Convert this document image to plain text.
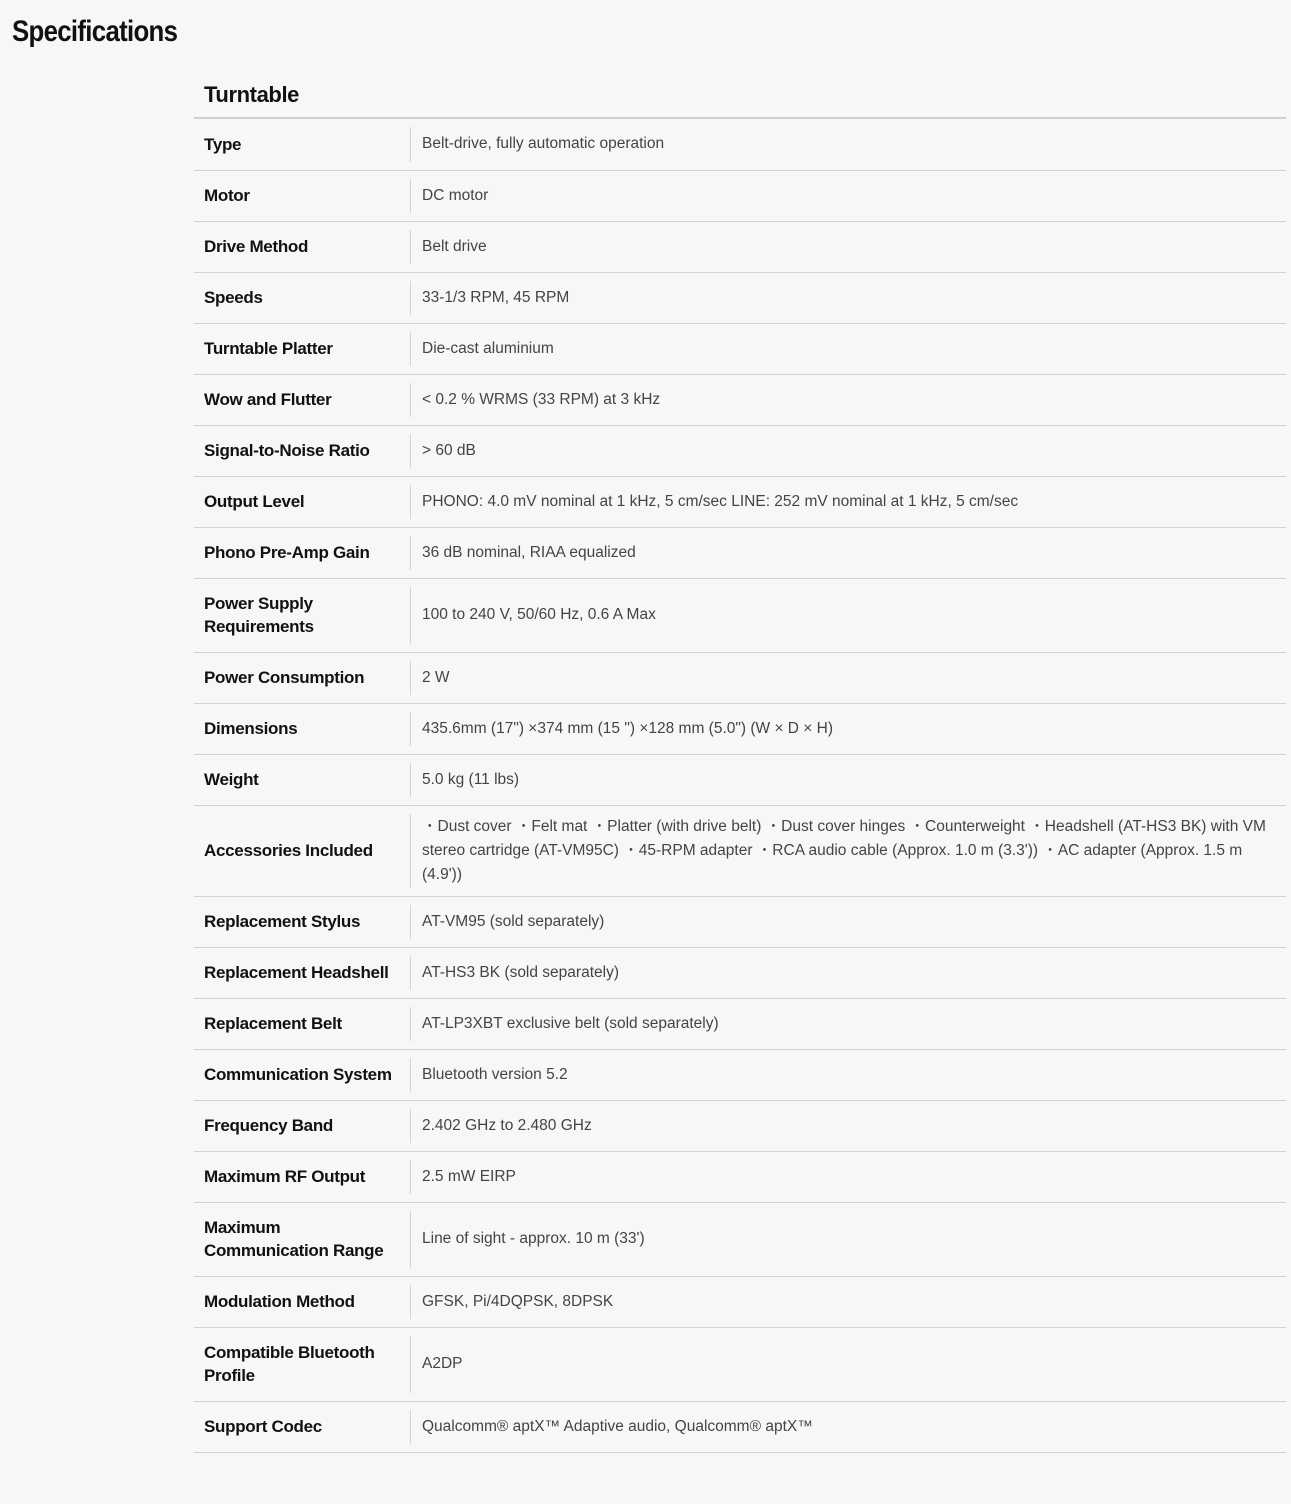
Specifications
Turntable
Type	Belt-drive, fully automatic operation
Motor	DC motor
Drive Method	Belt drive
Speeds	33-1/3 RPM, 45 RPM
Turntable Platter	Die-cast aluminium
Wow and Flutter	< 0.2 % WRMS (33 RPM) at 3 kHz
Signal-to-Noise Ratio	> 60 dB
Output Level	PHONO: 4.0 mV nominal at 1 kHz, 5 cm/sec LINE: 252 mV nominal at 1 kHz, 5 cm/sec
Phono Pre-Amp Gain	36 dB nominal, RIAA equalized
Power Supply Requirements	100 to 240 V, 50/60 Hz, 0.6 A Max
Power Consumption	2 W
Dimensions	435.6mm (17") ×374 mm (15 ") ×128 mm (5.0") (W × D × H)
Weight	5.0 kg (11 lbs)
Accessories Included	・Dust cover ・Felt mat ・Platter (with drive belt) ・Dust cover hinges ・Counterweight ・Headshell (AT-HS3 BK) with VM stereo cartridge (AT-VM95C) ・45-RPM adapter ・RCA audio cable (Approx. 1.0 m (3.3')) ・AC adapter (Approx. 1.5 m (4.9'))
Replacement Stylus	AT-VM95 (sold separately)
Replacement Headshell	AT-HS3 BK (sold separately)
Replacement Belt	AT-LP3XBT exclusive belt (sold separately)
Communication System	Bluetooth version 5.2
Frequency Band	2.402 GHz to 2.480 GHz
Maximum RF Output	2.5 mW EIRP
Maximum Communication Range	Line of sight - approx. 10 m (33')
Modulation Method	GFSK, Pi/4DQPSK, 8DPSK
Compatible Bluetooth Profile	A2DP
Support Codec	Qualcomm® aptX™ Adaptive audio, Qualcomm® aptX™
